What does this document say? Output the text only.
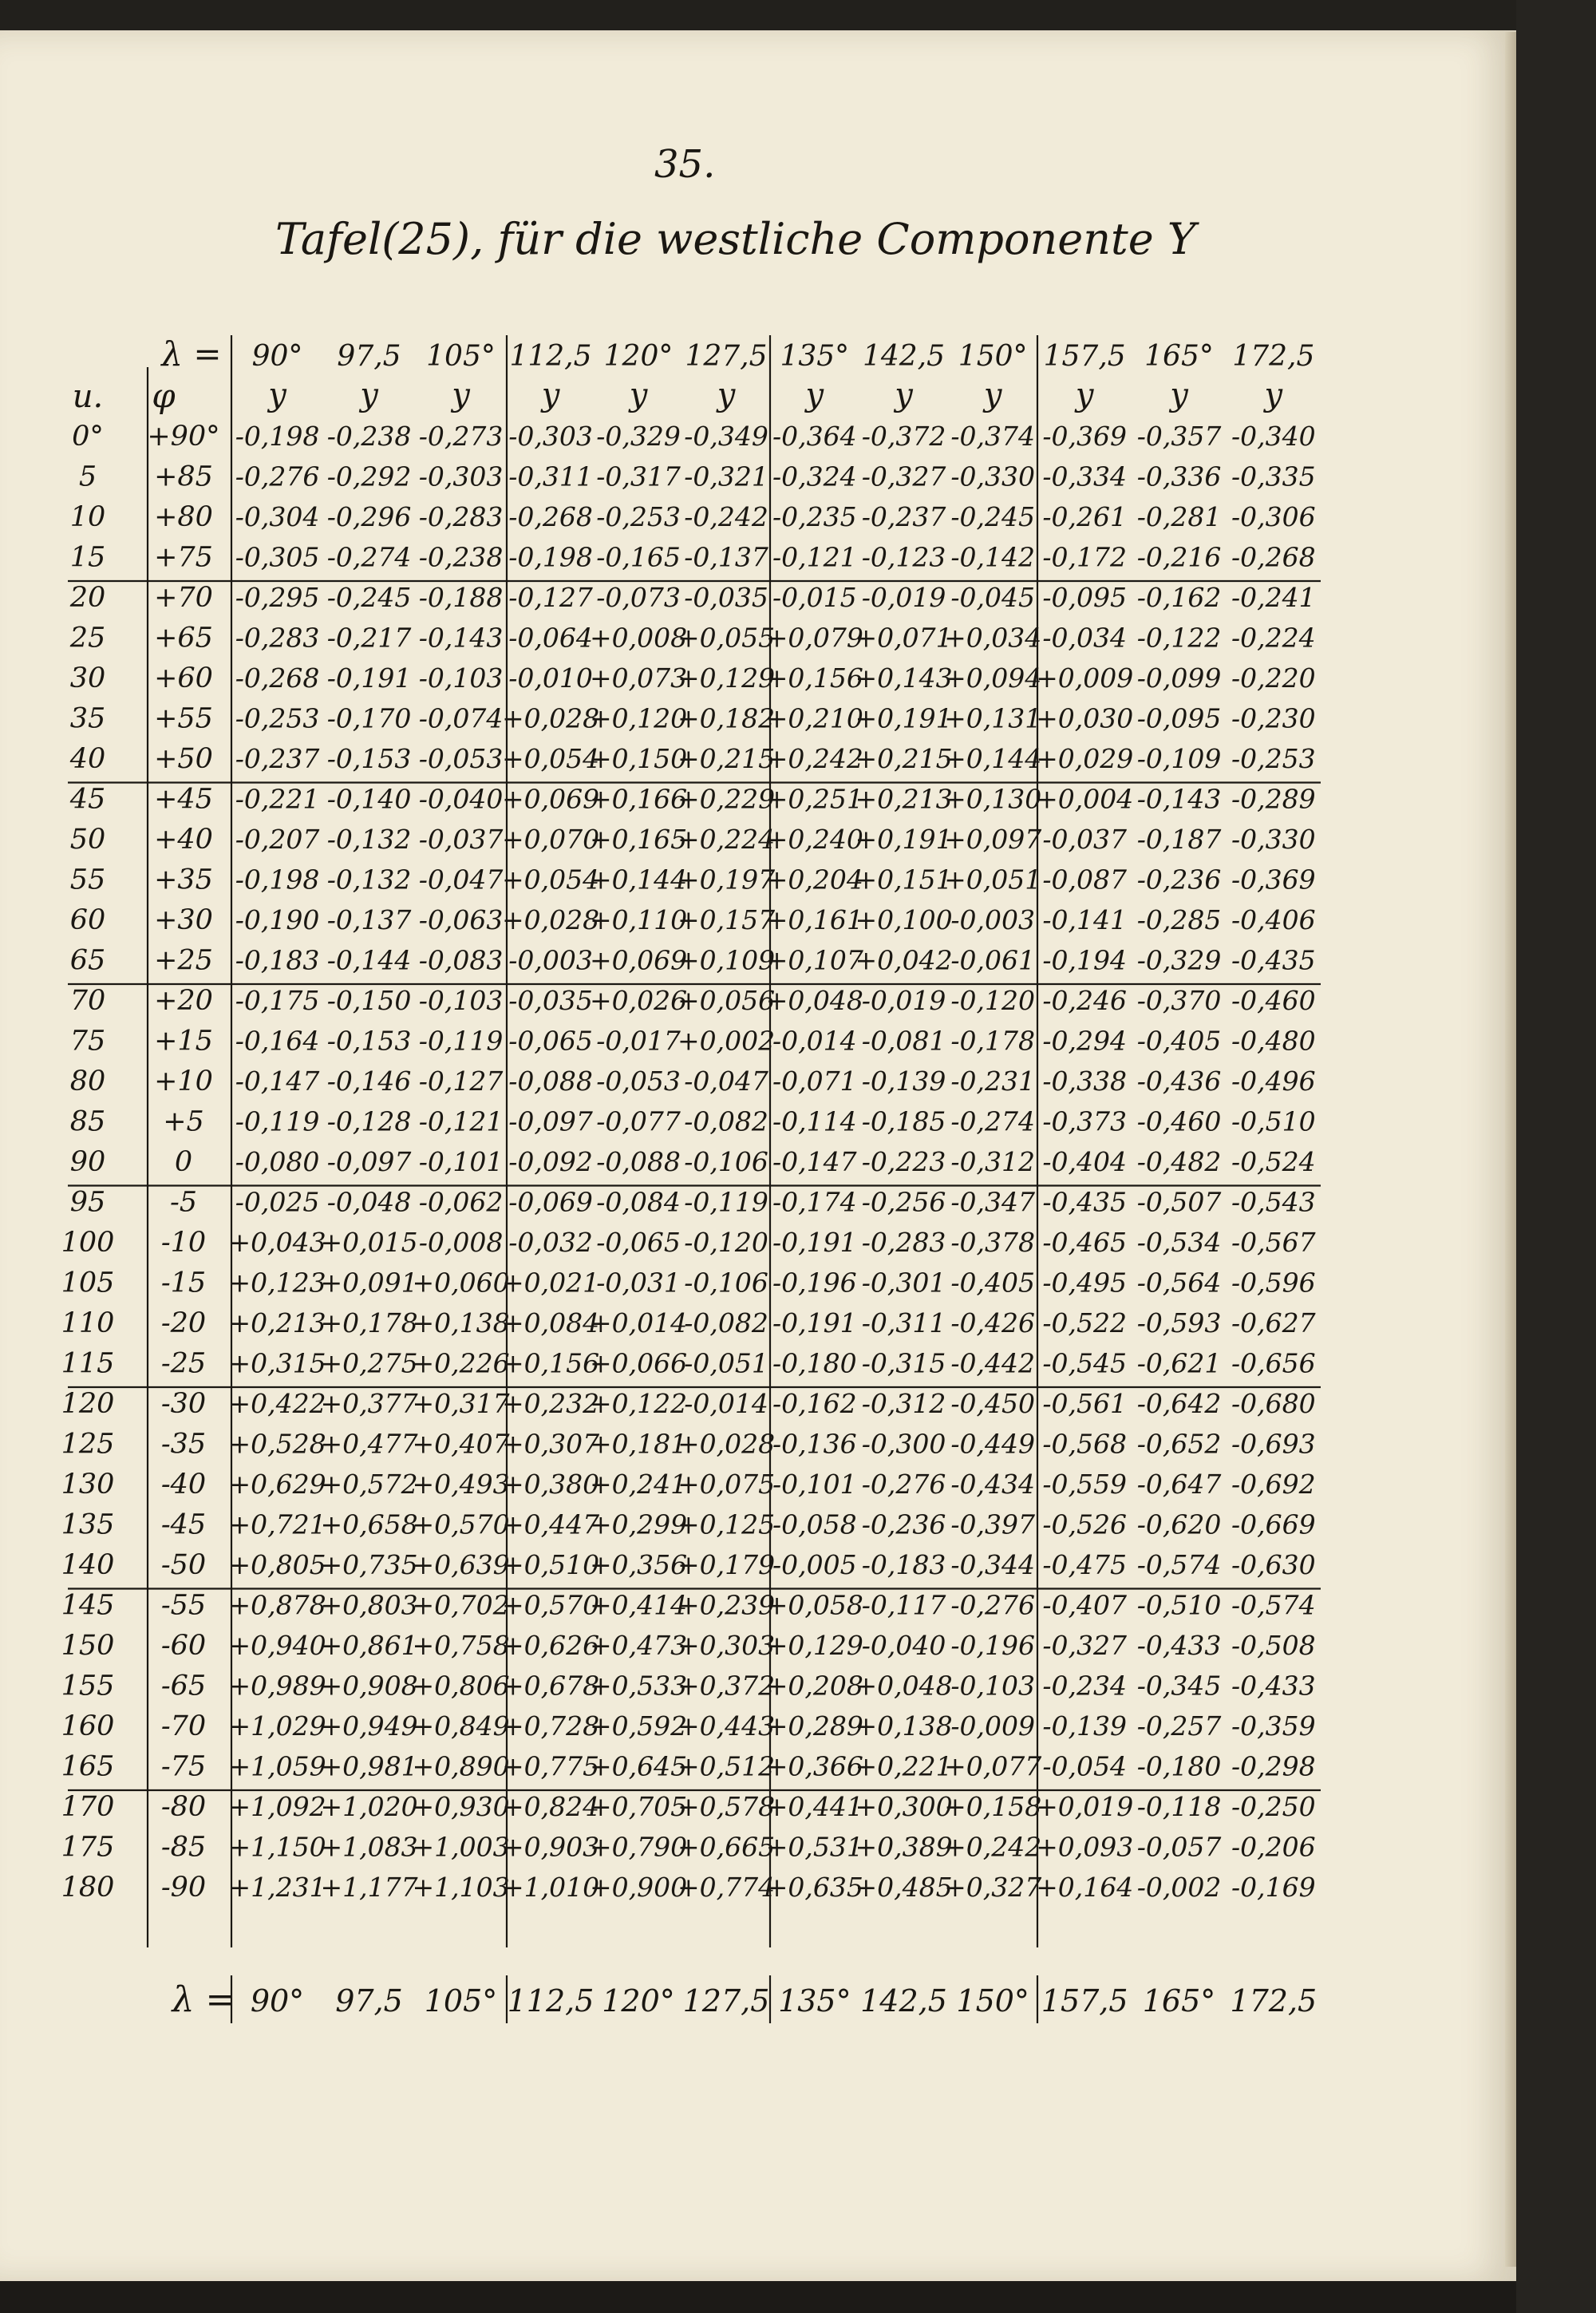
35.
Tafel(25), für die westliche Componente Y
λ = 90° 97,5 105° 112,5 120° 127,5 135° 142,5 150° 157,5 165° 172,5
u. φ	y y y y y y y y y y y y
0° +90° -0,198 -0,238 -0,273 -0,303 -0,329 -0,349 -0,364 -0,372 -0,374 -0,369 -0,357 -0,340
5 +85 -0,276 -0,292 -0,303 -0,311 -0,317 -0,321 -0,324 -0,327 -0,330 -0,334 -0,336 -0,335
10 +80 -0,304 -0,296 -0,283 -0,268 -0,253 -0,242 -0,235 -0,237 -0,245 -0,261 -0,281 -0,306
15 +75 -0,305 -0,274 -0,238 -0,198 -0,165 -0,137 -0,121 -0,123 -0,142 -0,172 -0,216 -0,268
20 +70 -0,295 -0,245 -0,188 -0,127 -0,073 -0,035 -0,015 -0,019 -0,045 -0,095 -0,162 -0,241
25 +65 -0,283 -0,217 -0,143 -0,064
+0,008
+0,055
+0,079
+0,071
+0,034 -0,034 -0,122 -0,224
30 +60 -0,268 -0,191 -0,103 -0,010
+0,073
+0,129
+0,156
+0,143
+0,094
+0,009 -0,099 -0,220
35 +55 -0,253 -0,170 -0,074
+0,028
+0,120
+0,182
+0,210
+0,191
+0,131
+0,030 -0,095 -0,230
40 +50 -0,237 -0,153 -0,053
+0,054
+0,150
+0,215
+0,242
+0,215
+0,144
+0,029 -0,109 -0,253
45 +45 -0,221 -0,140 -0,040
+0,069
+0,166
+0,229
+0,251
+0,213
+0,130
+0,004 -0,143 -0,289
50 +40 -0,207 -0,132 -0,037
+0,070
+0,165
+0,224
+0,240
+0,191
+0,097 -0,037 -0,187 -0,330
55 +35 -0,198 -0,132 -0,047
+0,054
+0,144
+0,197
+0,204
+0,151
+0,051 -0,087 -0,236 -0,369
60 +30 -0,190 -0,137 -0,063
+0,028
+0,110
+0,157
+0,161
+0,100
-0,003 -0,141 -0,285 -0,406
65 +25 -0,183 -0,144 -0,083 -0,003
+0,069
+0,109
+0,107
+0,042
-0,061 -0,194 -0,329 -0,435
70 +20 -0,175 -0,150 -0,103 -0,035
+0,026
+0,056
+0,048
-0,019 -0,120 -0,246 -0,370 -0,460
75 +15 -0,164 -0,153 -0,119 -0,065 -0,017
+0,002
-0,014 -0,081 -0,178 -0,294 -0,405 -0,480
80 +10 -0,147 -0,146 -0,127 -0,088 -0,053 -0,047 -0,071 -0,139 -0,231 -0,338 -0,436 -0,496
85 +5 -0,119 -0,128 -0,121 -0,097 -0,077 -0,082 -0,114 -0,185 -0,274 -0,373 -0,460 -0,510
90 0 -0,080 -0,097 -0,101 -0,092 -0,088 -0,106 -0,147 -0,223 -0,312 -0,404 -0,482 -0,524
95 -5 -0,025 -0,048 -0,062 -0,069 -0,084 -0,119 -0,174 -0,256 -0,347 -0,435 -0,507 -0,543
100 -10 +0,043
+0,015 -0,008 -0,032 -0,065 -0,120 -0,191 -0,283 -0,378 -0,465 -0,534 -0,567
105 -15 +0,123
+0,091
+0,060
+0,021
-0,031 -0,106 -0,196 -0,301 -0,405 -0,495 -0,564 -0,596
110 -20 +0,213
+0,178
+0,138
+0,084
+0,014
-0,082 -0,191 -0,311 -0,426 -0,522 -0,593 -0,627
115 -25 +0,315
+0,275
+0,226
+0,156
+0,066
-0,051 -0,180 -0,315 -0,442 -0,545 -0,621 -0,656
120 -30 +0,422
+0,377
+0,317
+0,232
+0,122
-0,014 -0,162 -0,312 -0,450 -0,561 -0,642 -0,680
125 -35 +0,528
+0,477
+0,407
+0,307
+0,181
+0,028
-0,136 -0,300 -0,449 -0,568 -0,652 -0,693
130 -40 +0,629
+0,572
+0,493
+0,380
+0,241
+0,075
-0,101 -0,276 -0,434 -0,559 -0,647 -0,692
135 -45 +0,721
+0,658
+0,570
+0,447
+0,299
+0,125
-0,058 -0,236 -0,397 -0,526 -0,620 -0,669
140 -50 +0,805
+0,735
+0,639
+0,510
+0,356
+0,179
-0,005 -0,183 -0,344 -0,475 -0,574 -0,630
145 -55 +0,878
+0,803
+0,702
+0,570
+0,414
+0,239
+0,058
-0,117 -0,276 -0,407 -0,510 -0,574
150 -60 +0,940
+0,861
+0,758
+0,626
+0,473
+0,303
+0,129
-0,040 -0,196 -0,327 -0,433 -0,508
155 -65 +0,989
+0,908
+0,806
+0,678
+0,533
+0,372
+0,208
+0,048
-0,103 -0,234 -0,345 -0,433
160 -70 +1,029
+0,949
+0,849
+0,728
+0,592
+0,443
+0,289
+0,138
-0,009 -0,139 -0,257 -0,359
165 -75 +1,059
+0,981
+0,890
+0,775
+0,645
+0,512
+0,366
+0,221
+0,077 -0,054 -0,180 -0,298
170 -80 +1,092
+1,020
+0,930
+0,824
+0,705
+0,578
+0,441
+0,300
+0,158
+0,019 -0,118 -0,250
175 -85 +1,150
+1,083
+1,003
+0,903
+0,790
+0,665
+0,531
+0,389
+0,242
+0,093 -0,057 -0,206
180 -90 +1,231
+1,177
+1,103
+1,010
+0,900
+0,774
+0,635
+0,485
+0,327
+0,164 -0,002 -0,169
λ = 90° 97,5 105° 112,5 120° 127,5 135° 142,5 150° 157,5 165° 172,5
